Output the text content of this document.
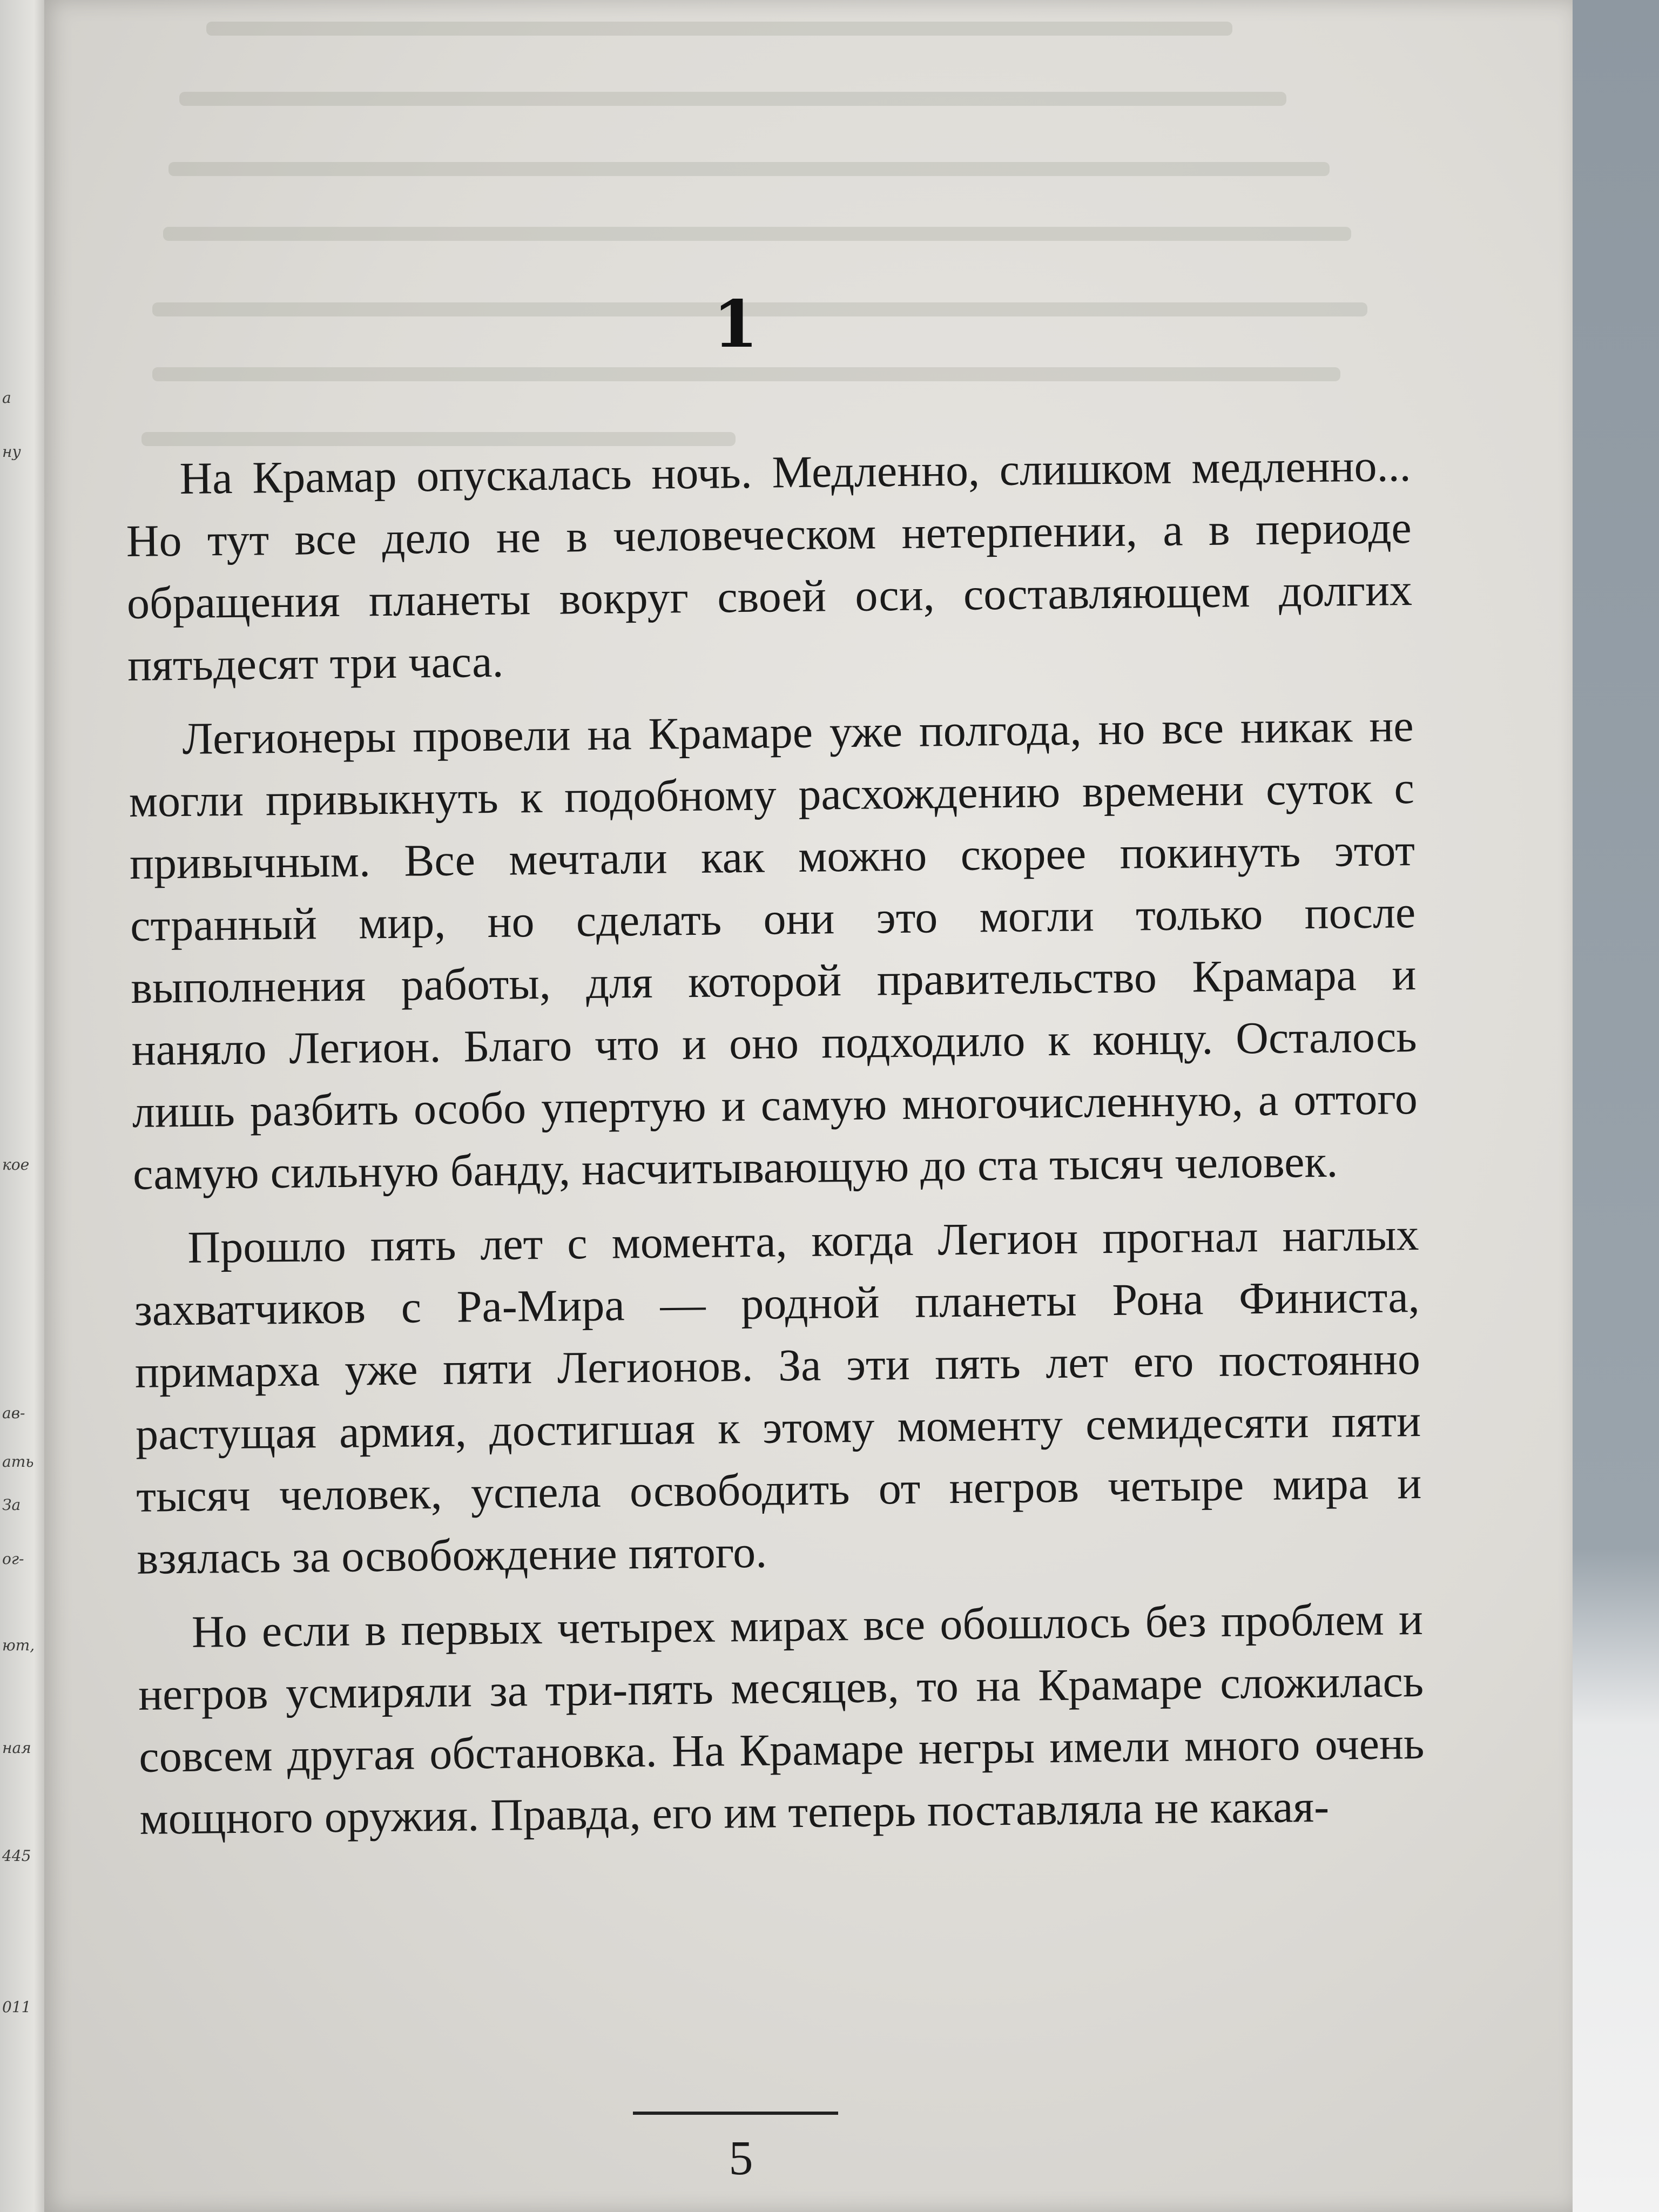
а
ну
кое
ав-
ать
За
ог-
ют,
ная
445
011
1

На Крамар опускалась ночь. Медленно, слишком медленно... Но тут все дело не в человеческом нетерпении, а в периоде обращения планеты вокруг своей оси, составляющем долгих пятьдесят три часа.

Легионеры провели на Крамаре уже полгода, но все никак не могли привыкнуть к подобному расхождению времени суток с привычным. Все мечтали как можно скорее покинуть этот странный мир, но сделать они это могли только после выполнения работы, для которой правительство Крамара и наняло Легион. Благо что и оно подходило к концу. Осталось лишь разбить особо упертую и самую многочисленную, а оттого самую сильную банду, насчитывающую до ста тысяч человек.

Прошло пять лет с момента, когда Легион прогнал наглых захватчиков с Ра-Мира — родной планеты Рона Финиста, примарха уже пяти Легионов. За эти пять лет его постоянно растущая армия, достигшая к этому моменту семидесяти пяти тысяч человек, успела освободить от негров четыре мира и взялась за освобождение пятого.

Но если в первых четырех мирах все обошлось без проблем и негров усмиряли за три-пять месяцев, то на Крамаре сложилась совсем другая обстановка. На Крамаре негры имели много очень мощного оружия. Правда, его им теперь поставляла не какая-

5
